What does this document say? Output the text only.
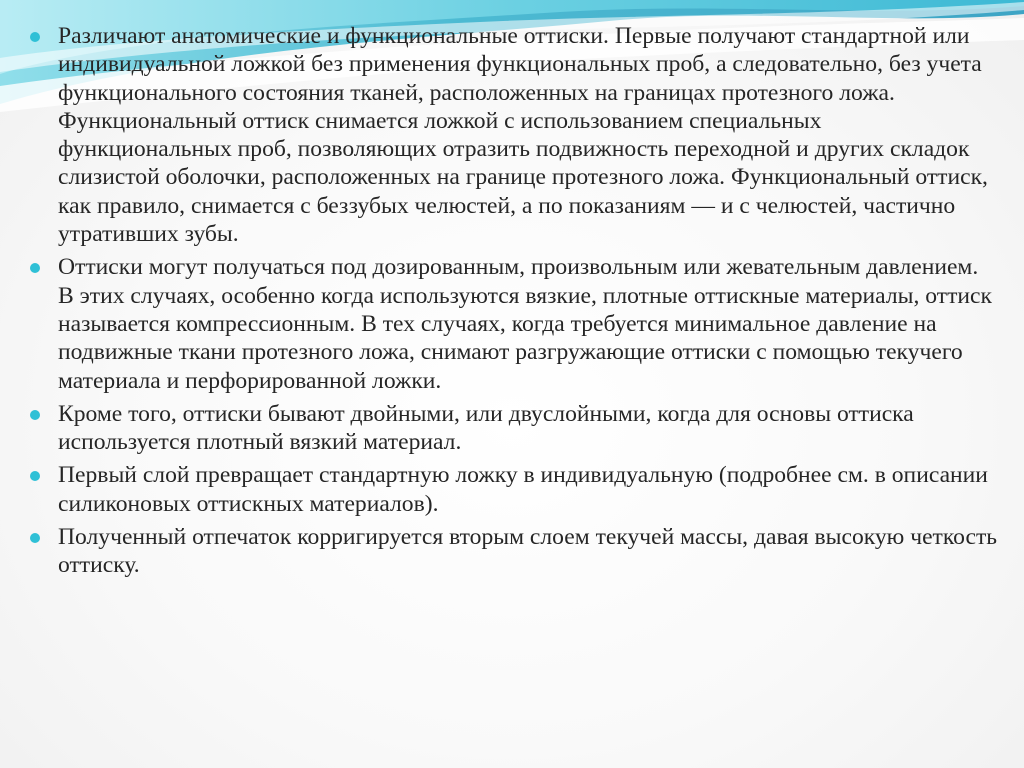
Различают анатомические и функциональные оттиски. Первые получают стандартной или индивидуальной ложкой без применения функциональных проб, а следовательно, без учета функционального состояния тканей, расположенных на границах протезного ложа. Функциональный оттиск снимается ложкой с использованием специальных функциональных проб, позволяющих отразить подвижность переходной и других складок слизистой оболочки, расположенных на границе протезного ложа. Функциональный оттиск, как правило, снимается с беззубых челюстей, а по показаниям — и с челюстей, частично утративших зубы.
Оттиски могут получаться под дозированным, произвольным или жевательным давлением. В этих случаях, особенно когда используются вязкие, плотные оттискные материалы, оттиск называется компрессионным. В тех случаях, когда требуется минимальное давление на подвижные ткани протезного ложа, снимают разгружающие оттиски с помощью текучего материала и перфорированной ложки.
Кроме того, оттиски бывают двойными, или двуслойными, когда для основы оттиска используется плотный вязкий материал.
Первый слой превращает стандартную ложку в индивидуальную (подробнее см. в описании силиконовых оттискных материалов).
Полученный отпечаток корригируется вторым слоем текучей массы, давая высокую четкость оттиску.
